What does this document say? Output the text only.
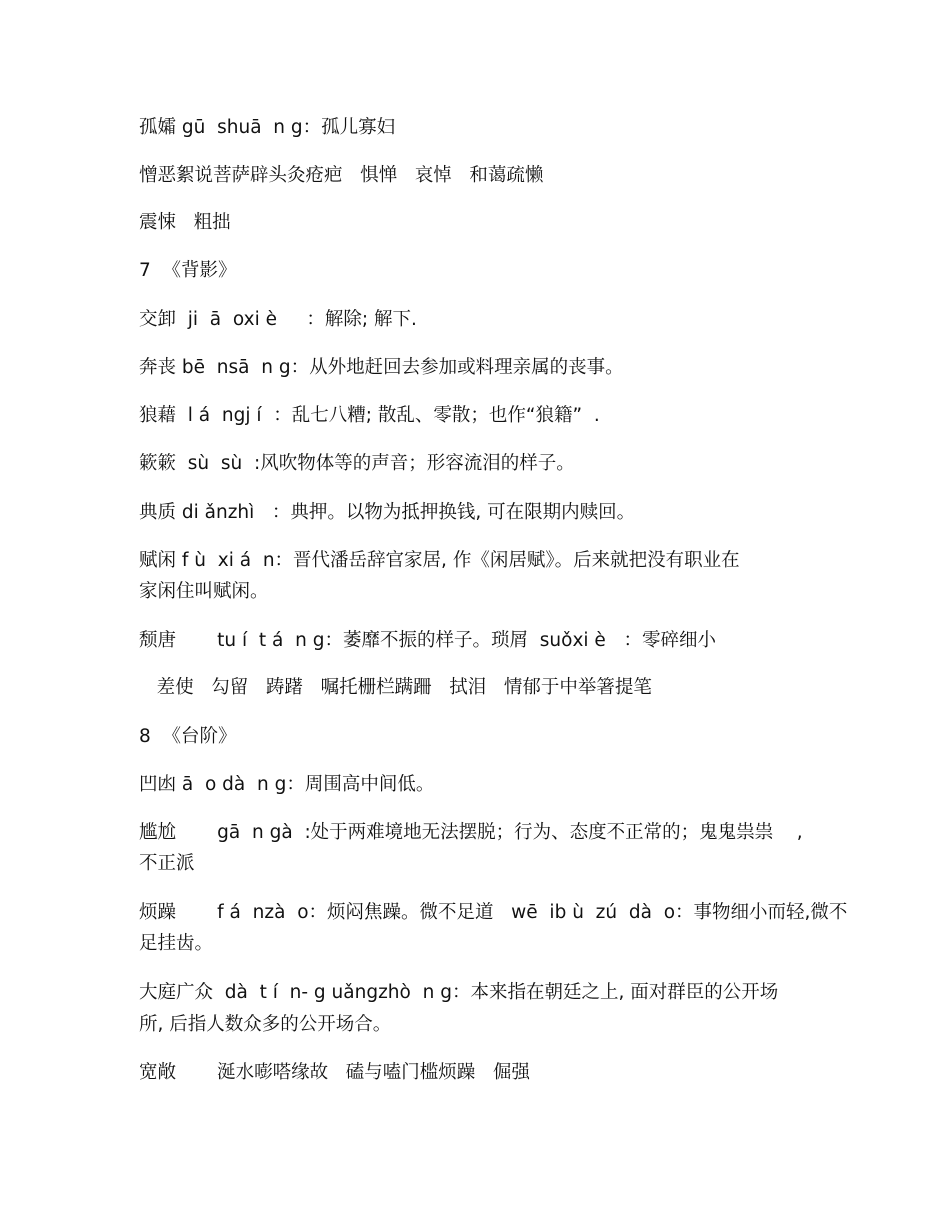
孤孀 gū  shuā  n g：孤儿寡妇
憎恶絮说菩萨辟头灸疮疤   惧惮   哀悼   和蔼疏懒
震悚   粗拙
7  《背影》
交卸  ji  ā  oxi è     ：解除; 解下.
奔丧 bē  nsā  n g：从外地赶回去参加或料理亲属的丧事。
狼藉  l á  ngj í  ：乱七八糟; 散乱、零散；也作“狼籍”  .
簌簌  sù  sù  :风吹物体等的声音；形容流泪的样子。
典质 di ǎnzhì   ：典押。以物为抵押换钱, 可在限期内赎回。
赋闲 f ù  xi á  n：晋代潘岳辞官家居, 作《闲居赋》。后来就把没有职业在
家闲住叫赋闲。
颓唐       tu í  t á  n g：萎靡不振的样子。琐屑  suǒxi è   ：零碎细小
差使   勾留   踌躇   嘱托栅栏蹒跚   拭泪   情郁于中举箸提笔
8  《台阶》
凹凼 ā  o dà  n g：周围高中间低。
尴尬       gā  n gà  :处于两难境地无法摆脱；行为、态度不正常的；鬼鬼祟祟    ,
不正派
烦躁       f á  nzà  o：烦闷焦躁。微不足道   wē  ib ù  zú  dà  o：事物细小而轻,微不
足挂齿。
大庭广众  dà  t í  n- g uǎngzhò  n g：本来指在朝廷之上, 面对群臣的公开场
所, 后指人数众多的公开场合。
宽敞       涎水嘭嗒缘故   磕与嗑门槛烦躁   倔强
